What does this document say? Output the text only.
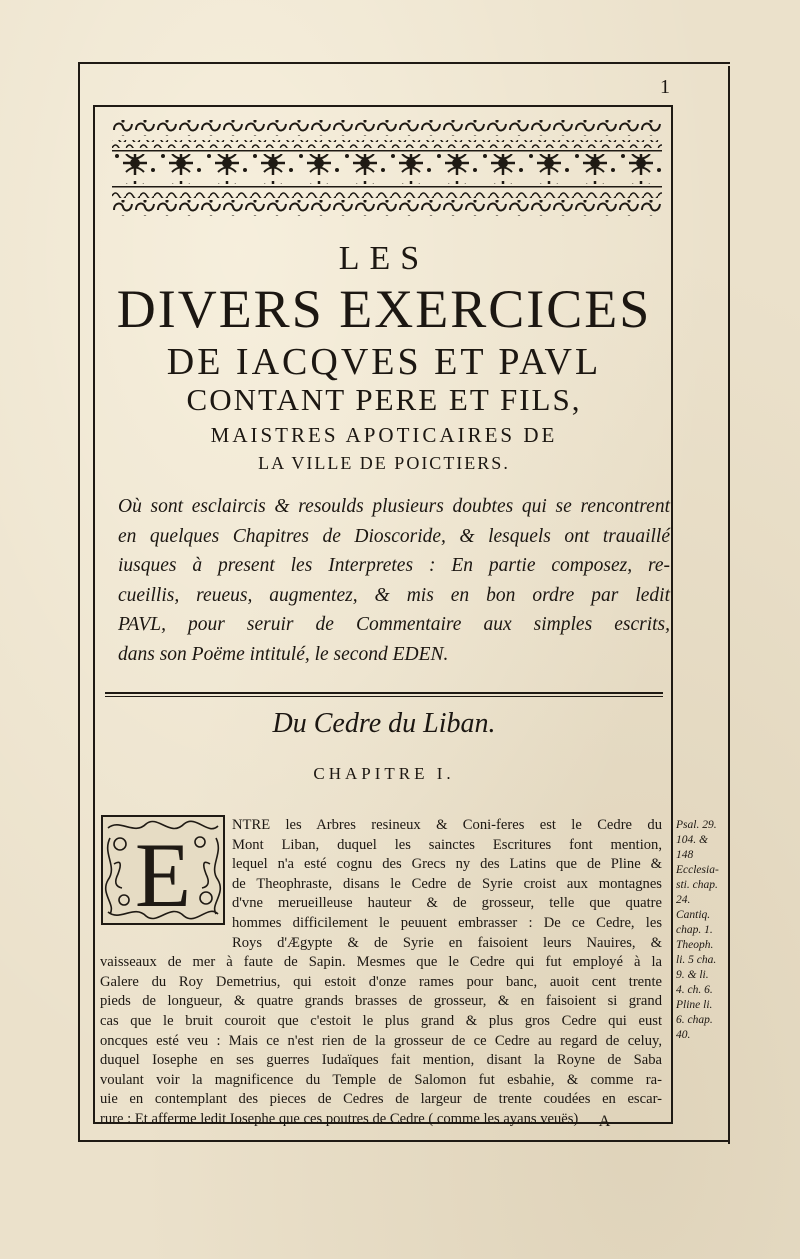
1
LES
DIVERS EXERCICES
DE IACQVES ET PAVL
CONTANT PERE ET FILS,
MAISTRES APOTICAIRES DE
LA VILLE DE POICTIERS.
Où sont esclaircis & resoulds plusieurs doubtes qui se rencontrent
en quelques Chapitres de Dioscoride, & lesquels ont trauaillé
iusques à present les Interpretes : En partie composez, re-
cueillis, reueus, augmentez, & mis en bon ordre par ledit
PAVL, pour seruir de Commentaire aux simples escrits,
dans son Poëme intitulé, le second EDEN.
Du Cedre du Liban.
CHAPITRE I.
E	NTRE les Arbres resineux & Coni-feres est le Cedre du
Mont Liban, duquel les sainctes Escritures font mention,
lequel n'a esté cognu des Grecs ny des Latins que de Pline &
de Theophraste, disans le Cedre de Syrie croist aux montagnes
d'vne merueilleuse hauteur & de grosseur, telle que quatre
hommes difficilement le peuuent embrasser : De ce Cedre, les
Roys d'Ægypte & de Syrie en faisoient leurs Nauires, &
vaisseaux de mer à faute de Sapin. Mesmes que le Cedre qui fut employé à la
Galere du Roy Demetrius, qui estoit d'onze rames pour banc, auoit cent trente
pieds de longueur, & quatre grands brasses de grosseur, & en faisoient si grand
cas que le bruit couroit que c'estoit le plus grand & plus gros Cedre qui eust
oncques esté veu : Mais ce n'est rien de la grosseur de ce Cedre au regard de celuy,
duquel Iosephe en ses guerres Iudaïques fait mention, disant la Royne de Saba
voulant voir la magnificence du Temple de Salomon fut esbahie, & comme ra-
uie en contemplant des pieces de Cedres de largeur de trente coudées en escar-
rure : Et afferme ledit Iosephe que ces poutres de Cedre ( comme les ayans veuës)
Psal. 29.
104. &
148
Ecclesia-
sti. chap.
24.
Cantiq.
chap. 1.
Theoph.
li. 5 cha.
9. & li.
4. ch. 6.
Pline li.
6. chap.
40.
A
